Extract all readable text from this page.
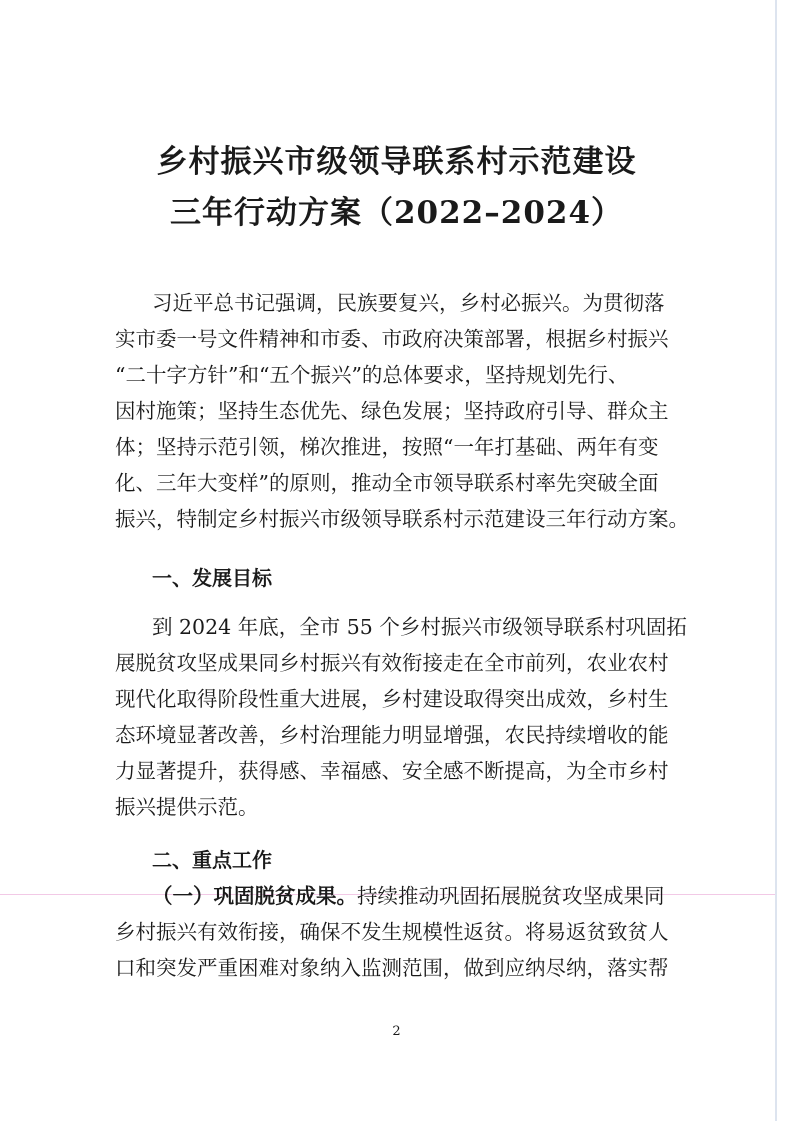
乡村振兴市级领导联系村示范建设
三年行动方案（2022–2024）
习近平总书记强调，民族要复兴，乡村必振兴。为贯彻落
实市委一号文件精神和市委、市政府决策部署，根据乡村振兴
“二十字方针”和“五个振兴”的总体要求，坚持规划先行、
因村施策；坚持生态优先、绿色发展；坚持政府引导、群众主
体；坚持示范引领，梯次推进，按照“一年打基础、两年有变
化、三年大变样”的原则，推动全市领导联系村率先突破全面
振兴，特制定乡村振兴市级领导联系村示范建设三年行动方案。
一、发展目标
到 2024 年底，全市 55 个乡村振兴市级领导联系村巩固拓
展脱贫攻坚成果同乡村振兴有效衔接走在全市前列，农业农村
现代化取得阶段性重大进展，乡村建设取得突出成效，乡村生
态环境显著改善，乡村治理能力明显增强，农民持续增收的能
力显著提升，获得感、幸福感、安全感不断提高，为全市乡村
振兴提供示范。
二、重点工作
（一）巩固脱贫成果。持续推动巩固拓展脱贫攻坚成果同
乡村振兴有效衔接，确保不发生规模性返贫。将易返贫致贫人
口和突发严重困难对象纳入监测范围，做到应纳尽纳，落实帮
2
